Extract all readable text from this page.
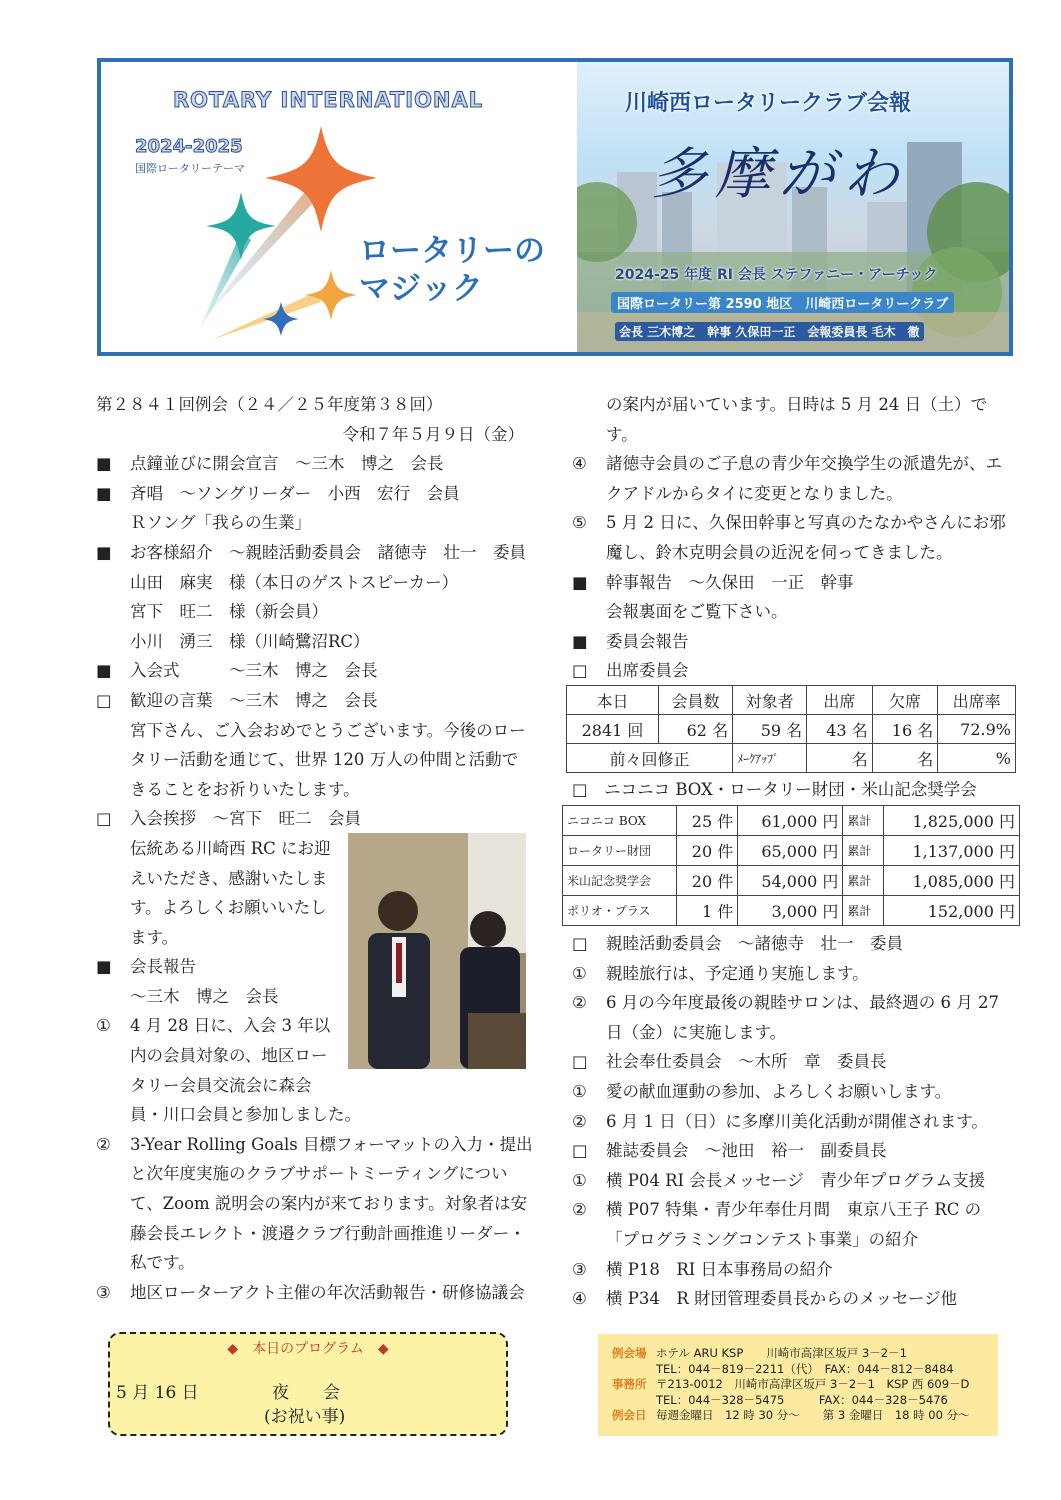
ROTARY INTERNATIONAL
2024-2025
国際ロータリーテーマ
ロータリーの
マジック
川崎西ロータリークラブ会報
多摩がわ
2024-25 年度 RI 会長 ステファニー・アーチック
国際ロータリー第 2590 地区　川崎西ロータリークラブ
会長 三木博之　幹事 久保田一正　会報委員長 毛木　徹
第２８４１回例会（２４／２５年度第３８回）
令和７年５月９日（金）
■ 点鐘並びに開会宣言　～三木　博之　会長
■ 斉唱　～ソングリーダー　小西　宏行　会員
Ｒソング「我らの生業」
■ お客様紹介　～親睦活動委員会　諸徳寺　壮一　委員
山田　麻実　様（本日のゲストスピーカー）
宮下　旺二　様（新会員）
小川　湧三　様（川崎鷺沼RC）
■ 入会式　　　～三木　博之　会長
□ 歓迎の言葉　～三木　博之　会長
宮下さん、ご入会おめでとうございます。今後のロー
タリー活動を通じて、世界 120 万人の仲間と活動で
きることをお祈りいたします。
□ 入会挨拶　～宮下　旺二　会員
伝統ある川崎西 RC にお迎
えいただき、感謝いたしま
す。よろしくお願いいたし
ます。
■ 会長報告
～三木　博之　会長
① 4 月 28 日に、入会 3 年以
内の会員対象の、地区ロー
タリー会員交流会に森会
員・川口会員と参加しました。
② 3-Year Rolling Goals 目標フォーマットの入力・提出
と次年度実施のクラブサポートミーティングについ
て、Zoom 説明会の案内が来ております。対象者は安
藤会長エレクト・渡邉クラブ行動計画推進リーダー・
私です。
③ 地区ローターアクト主催の年次活動報告・研修協議会
の案内が届いています。日時は 5 月 24 日（土）で
す。
④ 諸徳寺会員のご子息の青少年交換学生の派遣先が、エ
クアドルからタイに変更となりました。
⑤ 5 月 2 日に、久保田幹事と写真のたなかやさんにお邪
魔し、鈴木克明会員の近況を伺ってきました。
■ 幹事報告　～久保田　一正　幹事
会報裏面をご覧下さい。
■ 委員会報告
□ 出席委員会
本日	会員数	対象者	出席	欠席	出席率
2841 回	62 名	59 名	43 名	16 名	72.9%
前々回修正		ﾒｰｸｱｯﾌﾟ	名	名	%
□　ニコニコ BOX・ロータリー財団・米山記念奨学会
ニコニコ BOX	25 件	61,000 円	累計	1,825,000 円
ロータリー財団	20 件	65,000 円	累計	1,137,000 円
米山記念奨学会	20 件	54,000 円	累計	1,085,000 円
ポリオ・プラス	1 件	3,000 円	累計	152,000 円
□ 親睦活動委員会　～諸徳寺　壮一　委員
① 親睦旅行は、予定通り実施します。
② 6 月の今年度最後の親睦サロンは、最終週の 6 月 27
日（金）に実施します。
□ 社会奉仕委員会　～木所　章　委員長
① 愛の献血運動の参加、よろしくお願いします。
② 6 月 1 日（日）に多摩川美化活動が開催されます。
□ 雑誌委員会　～池田　裕一　副委員長
① 横 P04 RI 会長メッセージ　青少年プログラム支援
② 横 P07 特集・青少年奉仕月間　東京八王子 RC の
「プログラミングコンテスト事業」の紹介
③ 横 P18　RI 日本事務局の紹介
④ 横 P34　R 財団管理委員長からのメッセージ他
◆　本日のプログラム　◆
5 月 16 日	夜　　会
(お祝い事)
例会場 ホテル ARU KSP　　川崎市高津区坂戸 3－2－1
TEL：044－819－2211（代）　FAX：044－812－8484
事務所 〒213-0012　川崎市高津区坂戸 3－2－1　KSP 西 609－D
TEL：044－328－5475　　　FAX：044－328－5476
例会日 毎週金曜日　12 時 30 分～　　第 3 金曜日　18 時 00 分～
